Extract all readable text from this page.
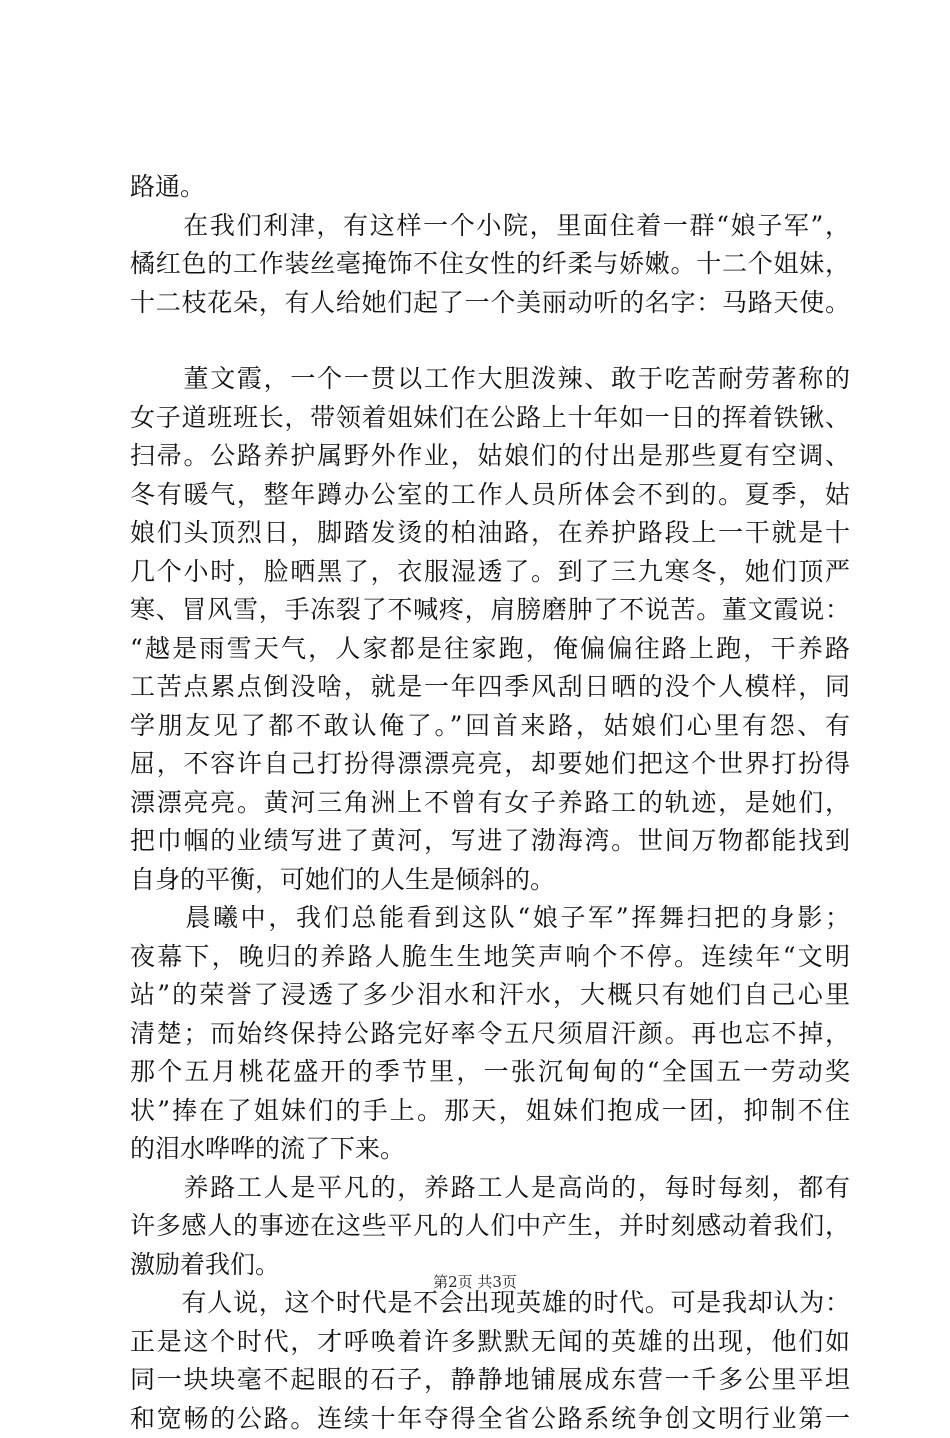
路通。
　　在我们利津，有这样一个小院，里面住着一群“娘子军”，
橘红色的工作装丝毫掩饰不住女性的纤柔与娇嫩。十二个姐妹，
十二枝花朵，有人给她们起了一个美丽动听的名字：马路天使。
　　董文霞，一个一贯以工作大胆泼辣、敢于吃苦耐劳著称的
女子道班班长，带领着姐妹们在公路上十年如一日的挥着铁锹、
扫帚。公路养护属野外作业，姑娘们的付出是那些夏有空调、
冬有暖气，整年蹲办公室的工作人员所体会不到的。夏季，姑
娘们头顶烈日，脚踏发烫的柏油路，在养护路段上一干就是十
几个小时，脸晒黑了，衣服湿透了。到了三九寒冬，她们顶严
寒、冒风雪，手冻裂了不喊疼，肩膀磨肿了不说苦。董文霞说：
“越是雨雪天气，人家都是往家跑，俺偏偏往路上跑，干养路
工苦点累点倒没啥，就是一年四季风刮日晒的没个人模样，同
学朋友见了都不敢认俺了。”回首来路，姑娘们心里有怨、有
屈，不容许自己打扮得漂漂亮亮，却要她们把这个世界打扮得
漂漂亮亮。黄河三角洲上不曾有女子养路工的轨迹，是她们，
把巾帼的业绩写进了黄河，写进了渤海湾。世间万物都能找到
自身的平衡，可她们的人生是倾斜的。
　　晨曦中，我们总能看到这队“娘子军”挥舞扫把的身影；
夜幕下，晚归的养路人脆生生地笑声响个不停。连续年“文明
站”的荣誉了浸透了多少泪水和汗水，大概只有她们自己心里
清楚；而始终保持公路完好率令五尺须眉汗颜。再也忘不掉，
那个五月桃花盛开的季节里，一张沉甸甸的“全国五一劳动奖
状”捧在了姐妹们的手上。那天，姐妹们抱成一团，抑制不住
的泪水哗哗的流了下来。
　　养路工人是平凡的，养路工人是高尚的，每时每刻，都有
许多感人的事迹在这些平凡的人们中产生，并时刻感动着我们，
激励着我们。
　　有人说，这个时代是不会出现英雄的时代。可是我却认为：
正是这个时代，才呼唤着许多默默无闻的英雄的出现，他们如
同一块块毫不起眼的石子，静静地铺展成东营一千多公里平坦
和宽畅的公路。连续十年夺得全省公路系统争创文明行业第一
第2页 共3页
